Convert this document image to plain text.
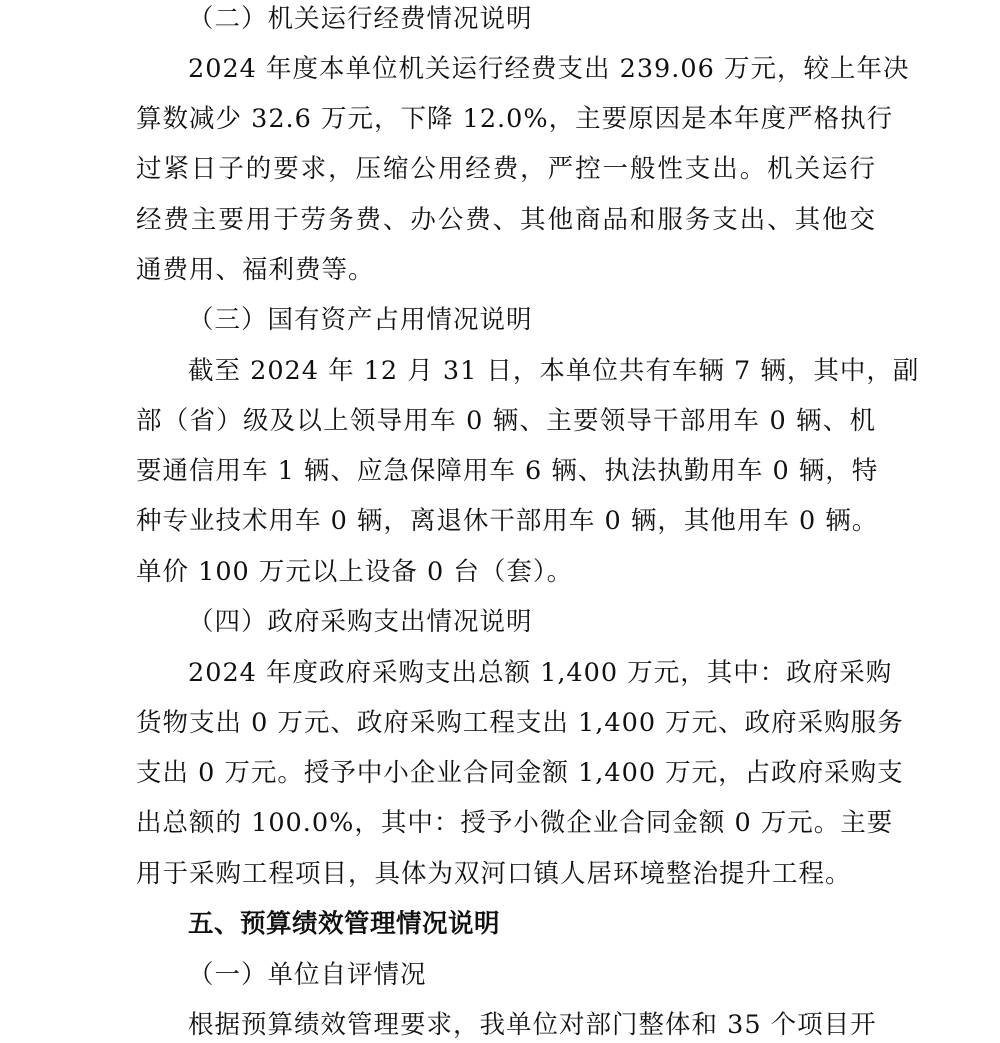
（二）机关运行经费情况说明
2024 年度本单位机关运行经费支出 239.06 万元，较上年决
算数减少 32.6 万元，下降 12.0%，主要原因是本年度严格执行
过紧日子的要求，压缩公用经费，严控一般性支出。机关运行
经费主要用于劳务费、办公费、其他商品和服务支出、其他交
通费用、福利费等。
（三）国有资产占用情况说明
截至 2024 年 12 月 31 日，本单位共有车辆 7 辆，其中，副
部（省）级及以上领导用车 0 辆、主要领导干部用车 0 辆、机
要通信用车 1 辆、应急保障用车 6 辆、执法执勤用车 0 辆，特
种专业技术用车 0 辆，离退休干部用车 0 辆，其他用车 0 辆。
单价 100 万元以上设备 0 台（套）。
（四）政府采购支出情况说明
2024 年度政府采购支出总额 1,400 万元，其中：政府采购
货物支出 0 万元、政府采购工程支出 1,400 万元、政府采购服务
支出 0 万元。授予中小企业合同金额 1,400 万元，占政府采购支
出总额的 100.0%，其中：授予小微企业合同金额 0 万元。主要
用于采购工程项目，具体为双河口镇人居环境整治提升工程。
五、预算绩效管理情况说明
（一）单位自评情况
根据预算绩效管理要求，我单位对部门整体和 35 个项目开
